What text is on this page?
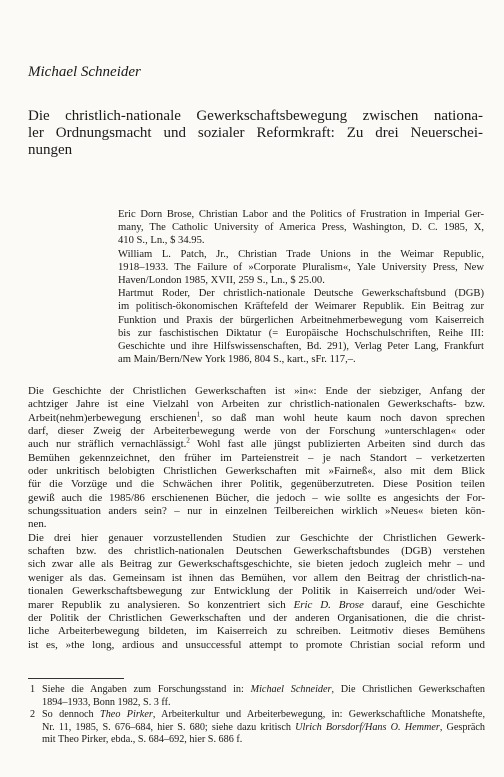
Michael Schneider
Die christlich-nationale Gewerkschaftsbewegung zwischen nationa-
ler Ordnungsmacht und sozialer Reformkraft: Zu drei Neuerschei-
nungen

Eric Dorn Brose, Christian Labor and the Politics of Frustration in Imperial Ger-
many, The Catholic University of America Press, Washington, D. C. 1985, X,
410 S., Ln., $ 34.95.

William L. Patch, Jr., Christian Trade Unions in the Weimar Republic,
1918–1933. The Failure of »Corporate Pluralism«, Yale University Press, New
Haven/London 1985, XVII, 259 S., Ln., $ 25.00.

Hartmut Roder, Der christlich-nationale Deutsche Gewerkschaftsbund (DGB)
im politisch-ökonomischen Kräftefeld der Weimarer Republik. Ein Beitrag zur
Funktion und Praxis der bürgerlichen Arbeitnehmerbewegung vom Kaiserreich
bis zur faschistischen Diktatur (= Europäische Hochschulschriften, Reihe III:
Geschichte und ihre Hilfswissenschaften, Bd. 291), Verlag Peter Lang, Frankfurt
am Main/Bern/New York 1986, 804 S., kart., sFr. 117,–.

Die Geschichte der Christlichen Gewerkschaften ist »in«: Ende der siebziger, Anfang der
achtziger Jahre ist eine Vielzahl von Arbeiten zur christlich-nationalen Gewerkschafts- bzw.
Arbeit(nehm)erbewegung erschienen$^1$, so daß man wohl heute kaum noch davon sprechen
darf, dieser Zweig der Arbeiterbewegung werde von der Forschung »unterschlagen« oder
auch nur sträflich vernachlässigt.$^2$ Wohl fast alle jüngst publizierten Arbeiten sind durch das
Bemühen gekennzeichnet, den früher im Parteienstreit – je nach Standort – verketzerten
oder unkritisch belobigten Christlichen Gewerkschaften mit »Fairneß«, also mit dem Blick
für die Vorzüge und die Schwächen ihrer Politik, gegenüberzutreten. Diese Position teilen
gewiß auch die 1985/86 erschienenen Bücher, die jedoch – wie sollte es angesichts der For-
schungssituation anders sein? – nur in einzelnen Teilbereichen wirklich »Neues« bieten kön-
nen.
Die drei hier genauer vorzustellenden Studien zur Geschichte der Christlichen Gewerk-
schaften bzw. des christlich-nationalen Deutschen Gewerkschaftsbundes (DGB) verstehen
sich zwar alle als Beitrag zur Gewerkschaftsgeschichte, sie bieten jedoch zugleich mehr – und
weniger als das. Gemeinsam ist ihnen das Bemühen, vor allem den Beitrag der christlich-na-
tionalen Gewerkschaftsbewegung zur Entwicklung der Politik in Kaiserreich und/oder Wei-
marer Republik zu analysieren. So konzentriert sich Eric D. Brose darauf, eine Geschichte
der Politik der Christlichen Gewerkschaften und der anderen Organisationen, die die christ-
liche Arbeiterbewegung bildeten, im Kaiserreich zu schreiben. Leitmotiv dieses Bemühens
ist es, »the long, ardious and unsuccessful attempt to promote Christian social reform und
1 Siehe die Angaben zum Forschungsstand in: Michael Schneider, Die Christlichen Gewerkschaften
1894–1933, Bonn 1982, S. 3 ff.
2 So dennoch Theo Pirker, Arbeiterkultur und Arbeiterbewegung, in: Gewerkschaftliche Monatshefte,
Nr. 11, 1985, S. 676–684, hier S. 680; siehe dazu kritisch Ulrich Borsdorf/Hans O. Hemmer, Gespräch
mit Theo Pirker, ebda., S. 684–692, hier S. 686 f.
